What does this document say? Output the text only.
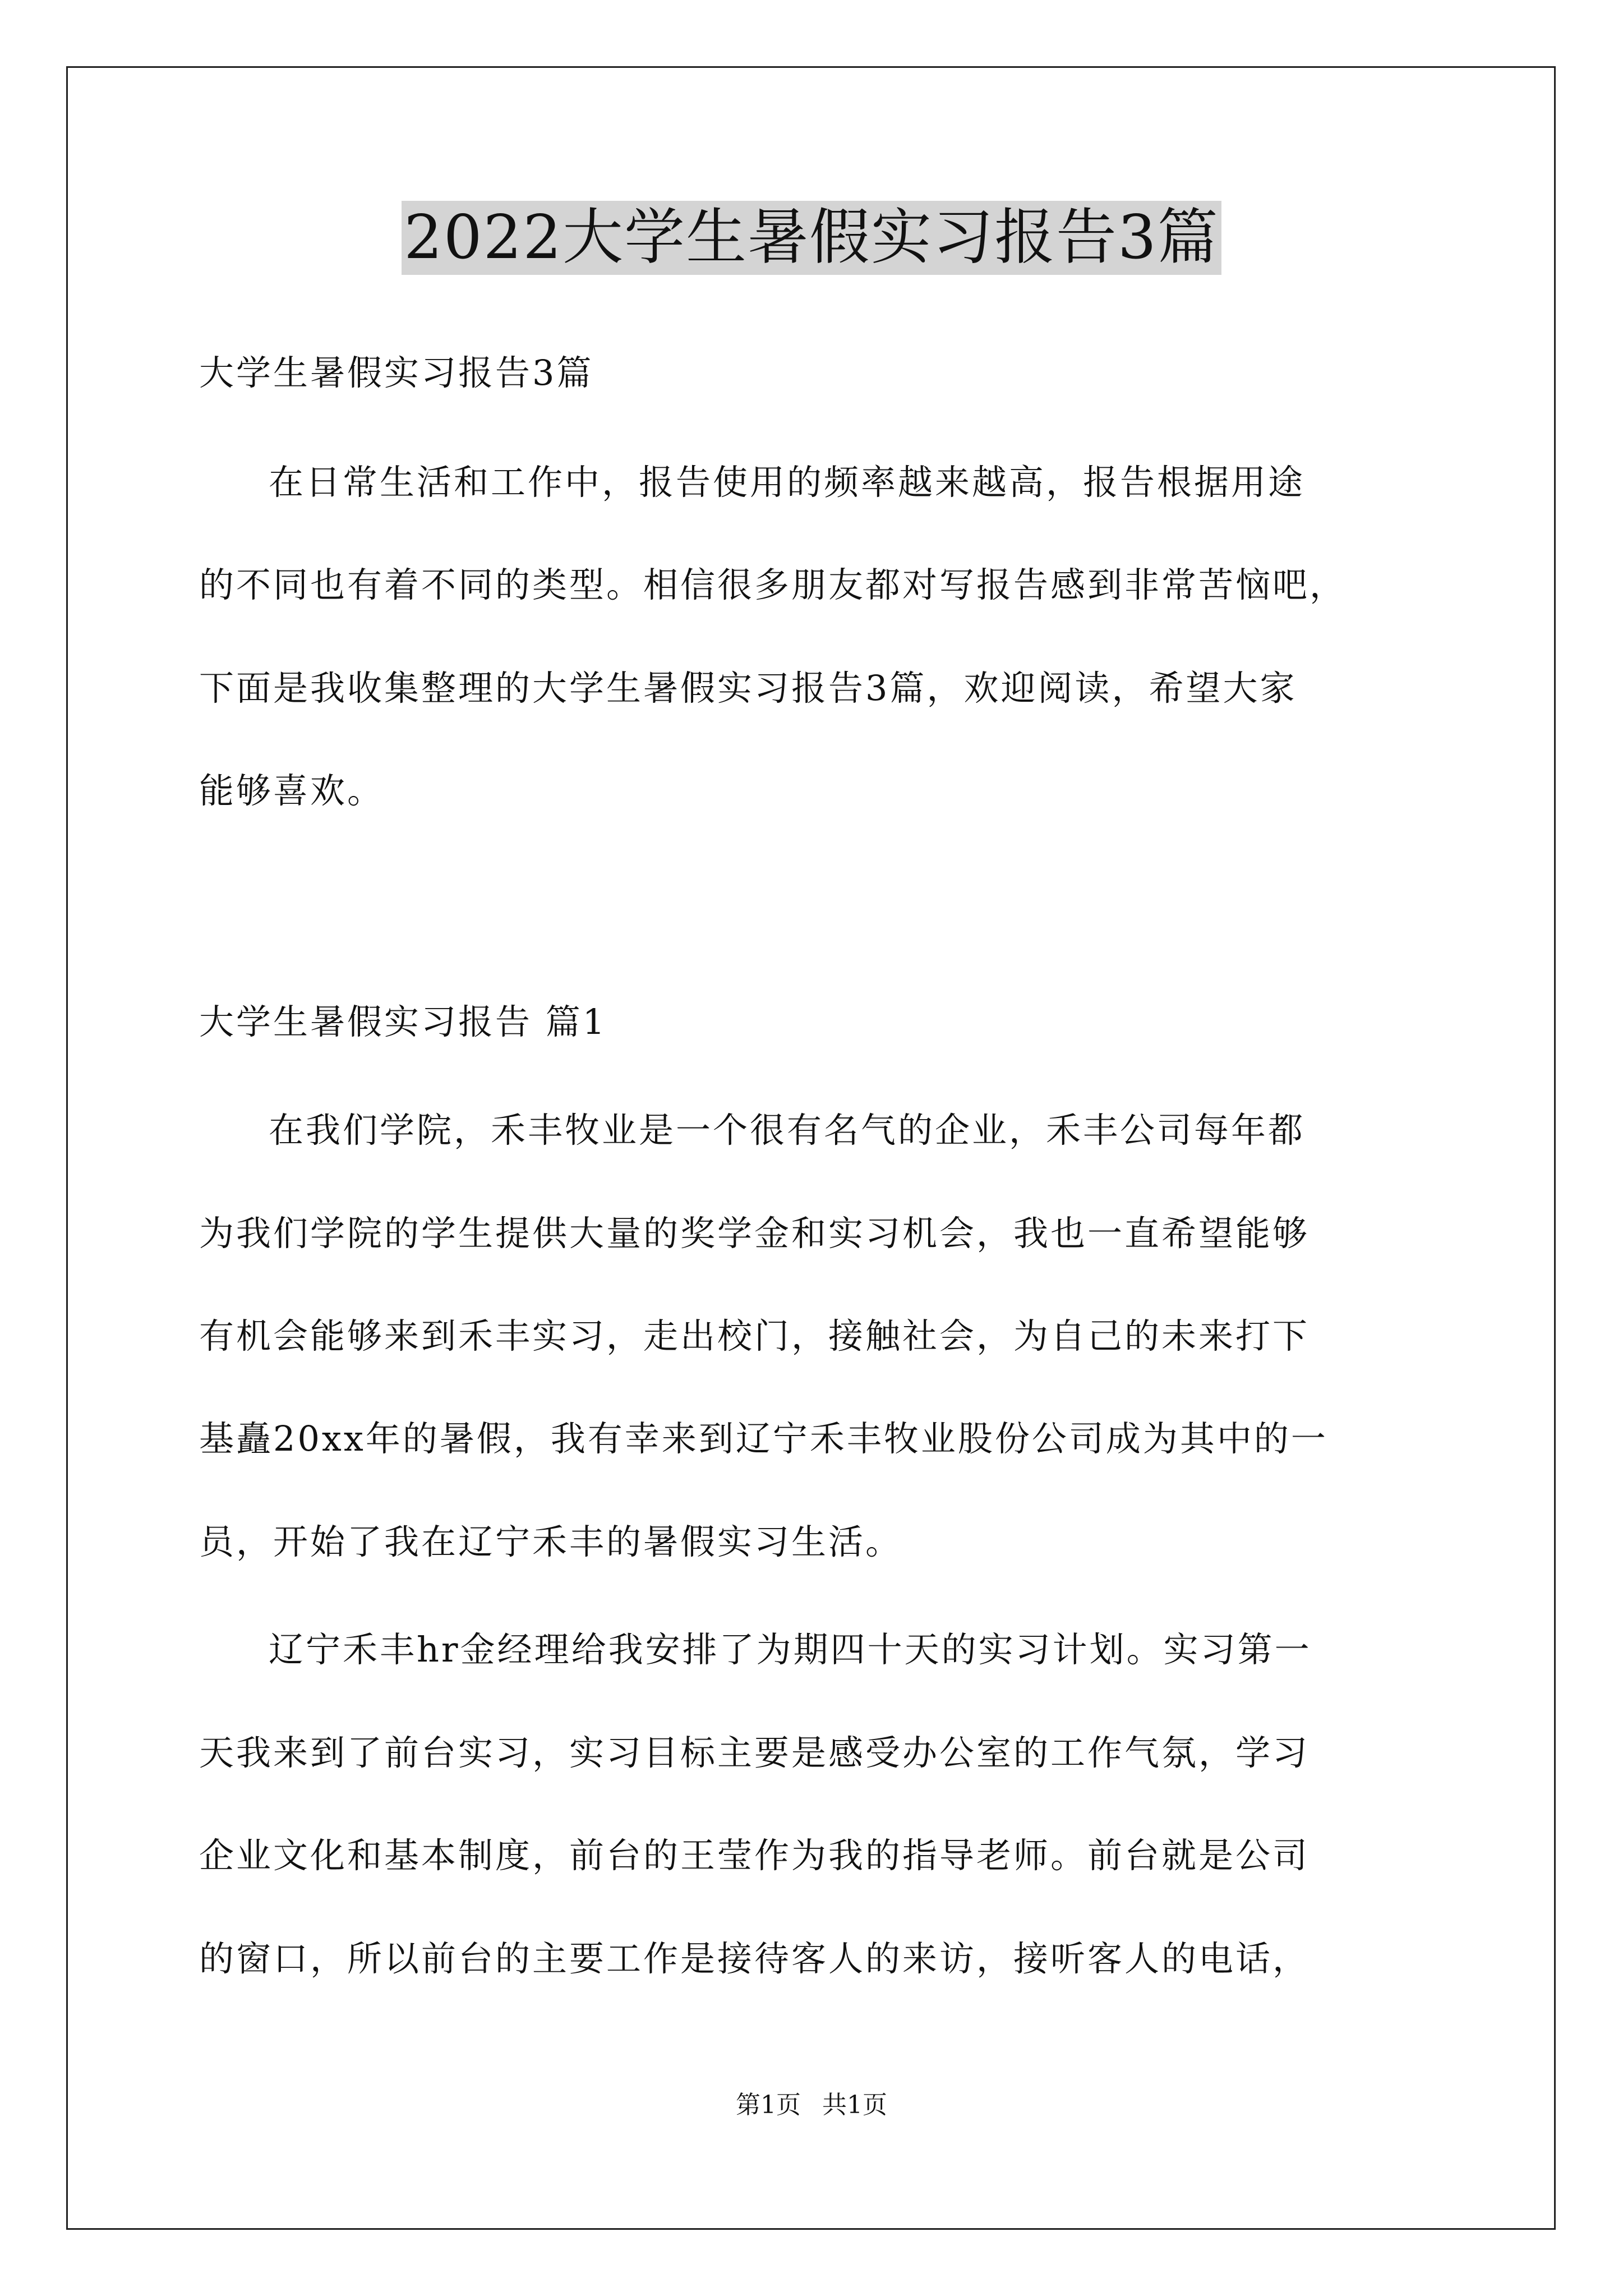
2022大学生暑假实习报告3篇
大学生暑假实习报告3篇
在日常生活和工作中，报告使用的频率越来越高，报告根据用途
的不同也有着不同的类型。相信很多朋友都对写报告感到非常苦恼吧，
下面是我收集整理的大学生暑假实习报告3篇，欢迎阅读，希望大家
能够喜欢。
大学生暑假实习报告 篇1
在我们学院，禾丰牧业是一个很有名气的企业，禾丰公司每年都
为我们学院的学生提供大量的奖学金和实习机会，我也一直希望能够
有机会能够来到禾丰实习，走出校门，接触社会，为自己的未来打下
基矗20xx年的暑假，我有幸来到辽宁禾丰牧业股份公司成为其中的一
员，开始了我在辽宁禾丰的暑假实习生活。
辽宁禾丰hr金经理给我安排了为期四十天的实习计划。实习第一
天我来到了前台实习，实习目标主要是感受办公室的工作气氛，学习
企业文化和基本制度，前台的王莹作为我的指导老师。前台就是公司
的窗口，所以前台的主要工作是接待客人的来访，接听客人的电话，
第1页 共1页
